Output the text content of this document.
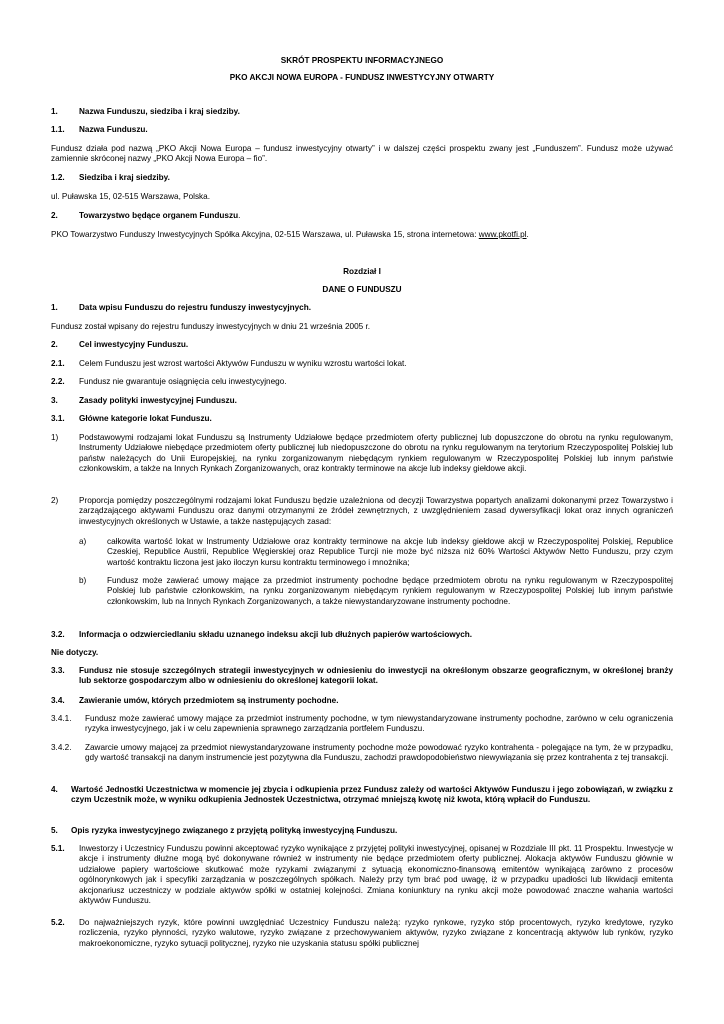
SKRÓT PROSPEKTU INFORMACYJNEGO
PKO AKCJI NOWA EUROPA - FUNDUSZ INWESTYCYJNY OTWARTY
1.	Nazwa Funduszu, siedziba i kraj siedziby.
1.1. Nazwa Funduszu.
Fundusz działa pod nazwą „PKO Akcji Nowa Europa – fundusz inwestycyjny otwarty” i w dalszej części prospektu zwany jest „Funduszem”. Fundusz może używać zamiennie skróconej nazwy „PKO Akcji Nowa Europa – fio”.
1.2. Siedziba i kraj siedziby.
ul. Puławska 15, 02-515 Warszawa, Polska.
2.	Towarzystwo będące organem Funduszu.
PKO Towarzystwo Funduszy Inwestycyjnych Spółka Akcyjna, 02-515 Warszawa, ul. Puławska 15, strona internetowa: www.pkotfi.pl.
Rozdział I
DANE O FUNDUSZU
1.	Data wpisu Funduszu do rejestru funduszy inwestycyjnych.
Fundusz został wpisany do rejestru funduszy inwestycyjnych w dniu 21 września 2005 r.
2.	Cel inwestycyjny Funduszu.
2.1. Celem Funduszu jest wzrost wartości Aktywów Funduszu w wyniku wzrostu wartości lokat.
2.2. Fundusz nie gwarantuje osiągnięcia celu inwestycyjnego.
3.	Zasady polityki inwestycyjnej Funduszu.
3.1. Główne kategorie lokat Funduszu.
1)	Podstawowymi rodzajami lokat Funduszu są Instrumenty Udziałowe będące przedmiotem oferty publicznej lub dopuszczone do obrotu na rynku regulowanym, Instrumenty Udziałowe niebędące przedmiotem oferty publicznej lub niedopuszczone do obrotu na rynku regulowanym na terytorium Rzeczypospolitej Polskiej lub państw należących do Unii Europejskiej, na rynku zorganizowanym niebędącym rynkiem regulowanym w Rzeczypospolitej Polskiej lub innym państwie członkowskim, a także na Innych Rynkach Zorganizowanych, oraz kontrakty terminowe na akcje lub indeksy giełdowe akcji.
2)	Proporcja pomiędzy poszczególnymi rodzajami lokat Funduszu będzie uzależniona od decyzji Towarzystwa popartych analizami dokonanymi przez Towarzystwo i zarządzającego aktywami Funduszu oraz danymi otrzymanymi ze źródeł zewnętrznych, z uwzględnieniem zasad dywersyfikacji lokat oraz innych ograniczeń inwestycyjnych określonych w Ustawie, a także następujących zasad:
a)	całkowita wartość lokat w Instrumenty Udziałowe oraz kontrakty terminowe na akcje lub indeksy giełdowe akcji w Rzeczypospolitej Polskiej, Republice Czeskiej, Republice Austrii, Republice Węgierskiej oraz Republice Turcji nie może być niższa niż 60% Wartości Aktywów Netto Funduszu, przy czym wartość kontraktu liczona jest jako iloczyn kursu kontraktu terminowego i mnożnika;
b)	Fundusz może zawierać umowy mające za przedmiot instrumenty pochodne będące przedmiotem obrotu na rynku regulowanym w Rzeczypospolitej Polskiej lub państwie członkowskim, na rynku zorganizowanym niebędącym rynkiem regulowanym w Rzeczypospolitej Polskiej lub innym państwie członkowskim, lub na Innych Rynkach Zorganizowanych, a także niewystandaryzowane instrumenty pochodne.
3.2. Informacja o odzwierciedlaniu składu uznanego indeksu akcji lub dłużnych papierów wartościowych.
Nie dotyczy.
3.3. Fundusz nie stosuje szczególnych strategii inwestycyjnych w odniesieniu do inwestycji na określonym obszarze geograficznym, w określonej branży lub sektorze gospodarczym albo w odniesieniu do określonej kategorii lokat.
3.4. Zawieranie umów, których przedmiotem są instrumenty pochodne.
3.4.1. Fundusz może zawierać umowy mające za przedmiot instrumenty pochodne, w tym niewystandaryzowane instrumenty pochodne, zarówno w celu ograniczenia ryzyka inwestycyjnego, jak i w celu zapewnienia sprawnego zarządzania portfelem Funduszu.
3.4.2. Zawarcie umowy mającej za przedmiot niewystandaryzowane instrumenty pochodne może powodować ryzyko kontrahenta - polegające na tym, że w przypadku, gdy wartość transakcji na danym instrumencie jest pozytywna dla Funduszu, zachodzi prawdopodobieństwo niewywiązania się przez kontrahenta z tej transakcji.
4. Wartość Jednostki Uczestnictwa w momencie jej zbycia i odkupienia przez Fundusz zależy od wartości Aktywów Funduszu i jego zobowiązań, w związku z czym Uczestnik może, w wyniku odkupienia Jednostek Uczestnictwa, otrzymać mniejszą kwotę niż kwota, którą wpłacił do Funduszu.
5. Opis ryzyka inwestycyjnego związanego z przyjętą polityką inwestycyjną Funduszu.
5.1. Inwestorzy i Uczestnicy Funduszu powinni akceptować ryzyko wynikające z przyjętej polityki inwestycyjnej, opisanej w Rozdziale III pkt. 11 Prospektu. Inwestycje w akcje i instrumenty dłużne mogą być dokonywane również w instrumenty nie będące przedmiotem oferty publicznej. Alokacja aktywów Funduszu głównie w udziałowe papiery wartościowe skutkować może ryzykami związanymi z sytuacją ekonomiczno-finansową emitentów wynikającą zarówno z procesów ogólnorynkowych jak i specyfiki zarządzania w poszczególnych spółkach. Należy przy tym brać pod uwagę, iż w przypadku upadłości lub likwidacji emitenta akcjonariusz uczestniczy w podziale aktywów spółki w ostatniej kolejności. Zmiana koniunktury na rynku akcji może powodować znaczne wahania wartości aktywów Funduszu.
5.2. Do najważniejszych ryzyk, które powinni uwzględniać Uczestnicy Funduszu należą: ryzyko rynkowe, ryzyko stóp procentowych, ryzyko kredytowe, ryzyko rozliczenia, ryzyko płynności, ryzyko walutowe, ryzyko związane z przechowywaniem aktywów, ryzyko związane z koncentracją aktywów lub rynków, ryzyko makroekonomiczne, ryzyko sytuacji politycznej, ryzyko nie uzyskania statusu spółki publicznej
